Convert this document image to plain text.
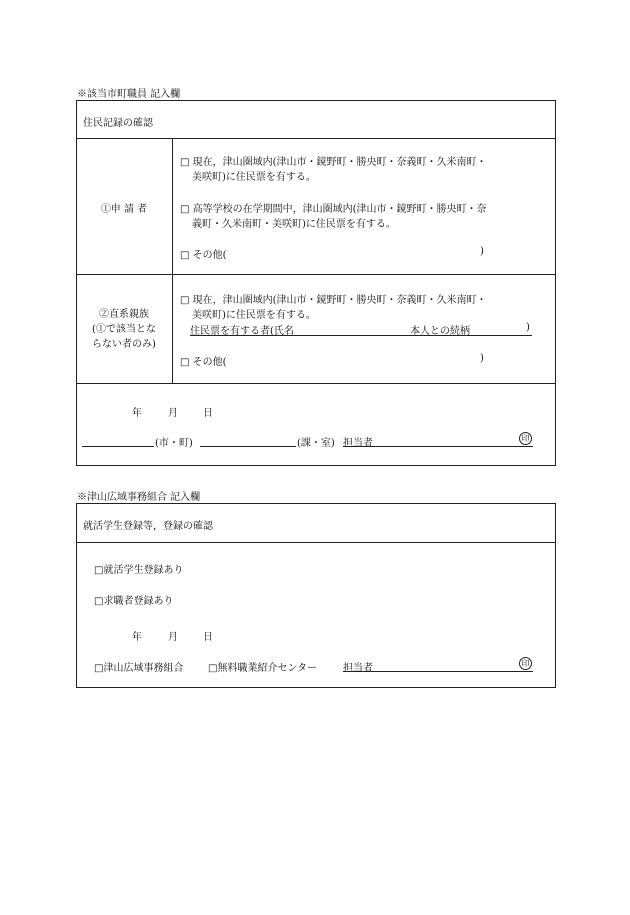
※該当市町職員 記入欄
住民記録の確認
①申 請 者
□ 現在，津山圏域内(津山市・鏡野町・勝央町・奈義町・久米南町・
美咲町)に住民票を有する。
□ 高等学校の在学期間中，津山圏域内(津山市・鏡野町・勝央町・奈
義町・久米南町・美咲町)に住民票を有する。
□ その他(	)
②直系親族
(①で該当とな
らない者のみ)
□ 現在，津山圏域内(津山市・鏡野町・勝央町・奈義町・久米南町・
美咲町)に住民票を有する。
住民票を有する者(氏名	本人との続柄	)
□ その他(	)
年	月	日
(市・町)	(課・室) 担当者	印
※津山広域事務組合 記入欄
就活学生登録等，登録の確認
□就活学生登録あり
□求職者登録あり
年	月	日
□津山広域事務組合 □無料職業紹介センター	担当者	印
